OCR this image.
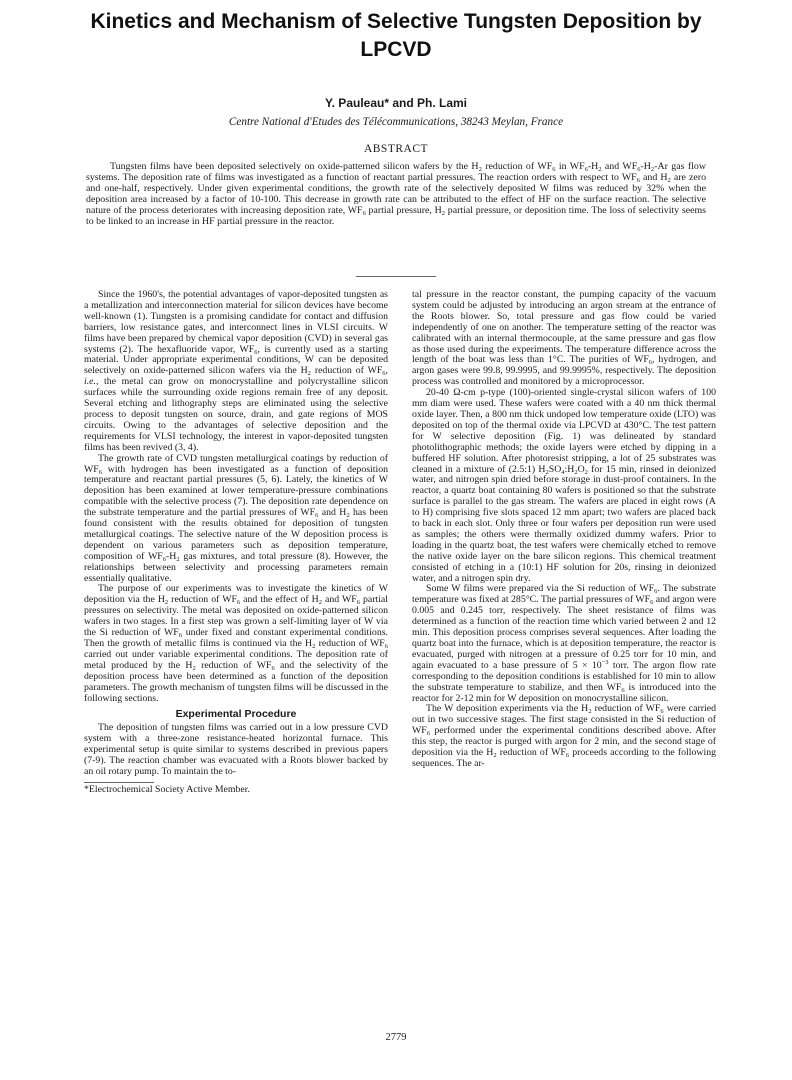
Kinetics and Mechanism of Selective Tungsten Deposition by LPCVD
Y. Pauleau* and Ph. Lami
Centre National d'Etudes des Télécommunications, 38243 Meylan, France
ABSTRACT

Tungsten films have been deposited selectively on oxide-patterned silicon wafers by the $H_2$ reduction of $WF_6$ in $WF_6-H_2$ and $WF_6-H_2-Ar$ gas flow systems. The deposition rate of films was investigated as a function of reactant partial pressures. The reaction orders with respect to $WF_6$ and $H_2$ are zero and one-half, respectively. Under given experimental conditions, the growth rate of the selectively deposited W films was reduced by 32% when the deposition area increased by a factor of 10-100. This decrease in growth rate can be attributed to the effect of HF on the surface reaction. The selective nature of the process deteriorates with increasing deposition rate, $WF_6$ partial pressure, $H_2$ partial pressure, or deposition time. The loss of selectivity seems to be linked to an increase in HF partial pressure in the reactor.

Since the 1960's, the potential advantages of vapor-deposited tungsten as a metallization and interconnection material for silicon devices have become well-known (1). Tungsten is a promising candidate for contact and diffusion barriers, low resistance gates, and interconnect lines in VLSI circuits. W films have been prepared by chemical vapor deposition (CVD) in several gas systems (2). The hexafluoride vapor, $WF_6$, is currently used as a starting material. Under appropriate experimental conditions, W can be deposited selectively on oxide-patterned silicon wafers via the $H_2$ reduction of $WF_6$, i.e., the metal can grow on monocrystalline and polycrystalline silicon surfaces while the surrounding oxide regions remain free of any deposit. Several etching and lithography steps are eliminated using the selective process to deposit tungsten on source, drain, and gate regions of MOS circuits. Owing to the advantages of selective deposition and the requirements for VLSI technology, the interest in vapor-deposited tungsten films has been revived (3, 4).

The growth rate of CVD tungsten metallurgical coatings by reduction of $WF_6$ with hydrogen has been investigated as a function of deposition temperature and reactant partial pressures (5, 6). Lately, the kinetics of W deposition has been examined at lower temperature-pressure combinations compatible with the selective process (7). The deposition rate dependence on the substrate temperature and the partial pressures of $WF_6$ and $H_2$ has been found consistent with the results obtained for deposition of tungsten metallurgical coatings. The selective nature of the W deposition process is dependent on various parameters such as deposition temperature, composition of $WF_6-H_2$ gas mixtures, and total pressure (8). However, the relationships between selectivity and processing parameters remain essentially qualitative.

The purpose of our experiments was to investigate the kinetics of W deposition via the $H_2$ reduction of $WF_6$ and the effect of $H_2$ and $WF_6$ partial pressures on selectivity. The metal was deposited on oxide-patterned silicon wafers in two stages. In a first step was grown a self-limiting layer of W via the Si reduction of $WF_6$ under fixed and constant experimental conditions. Then the growth of metallic films is continued via the $H_2$ reduction of $WF_6$ carried out under variable experimental conditions. The deposition rate of metal produced by the $H_2$ reduction of $WF_6$ and the selectivity of the deposition process have been determined as a function of the deposition parameters. The growth mechanism of tungsten films will be discussed in the following sections.

Experimental Procedure

The deposition of tungsten films was carried out in a low pressure CVD system with a three-zone resistance-heated horizontal furnace. This experimental setup is quite similar to systems described in previous papers (7-9). The reaction chamber was evacuated with a Roots blower backed by an oil rotary pump. To maintain the to-

*Electrochemical Society Active Member.

tal pressure in the reactor constant, the pumping capacity of the vacuum system could be adjusted by introducing an argon stream at the entrance of the Roots blower. So, total pressure and gas flow could be varied independently of one on another. The temperature setting of the reactor was calibrated with an internal thermocouple, at the same pressure and gas flow as those used during the experiments. The temperature difference across the length of the boat was less than 1°C. The purities of $WF_6$, hydrogen, and argon gases were 99.8, 99.9995, and 99.9995%, respectively. The deposition process was controlled and monitored by a microprocessor.

20-40 Ω-cm p-type (100)-oriented single-crystal silicon wafers of 100 mm diam were used. These wafers were coated with a 40 nm thick thermal oxide layer. Then, a 800 nm thick undoped low temperature oxide (LTO) was deposited on top of the thermal oxide via LPCVD at 430°C. The test pattern for W selective deposition (Fig. 1) was delineated by standard photolithographic methods; the oxide layers were etched by dipping in a buffered HF solution. After photoresist stripping, a lot of 25 substrates was cleaned in a mixture of (2.5:1) $H_2SO_4:H_2O_2$ for 15 min, rinsed in deionized water, and nitrogen spin dried before storage in dust-proof containers. In the reactor, a quartz boat containing 80 wafers is positioned so that the substrate surface is parallel to the gas stream. The wafers are placed in eight rows (A to H) comprising five slots spaced 12 mm apart; two wafers are placed back to back in each slot. Only three or four wafers per deposition run were used as samples; the others were thermally oxidized dummy wafers. Prior to loading in the quartz boat, the test wafers were chemically etched to remove the native oxide layer on the bare silicon regions. This chemical treatment consisted of etching in a (10:1) HF solution for 20s, rinsing in deionized water, and a nitrogen spin dry.

Some W films were prepared via the Si reduction of $WF_6$. The substrate temperature was fixed at 285°C. The partial pressures of $WF_6$ and argon were 0.005 and 0.245 torr, respectively. The sheet resistance of films was determined as a function of the reaction time which varied between 2 and 12 min. This deposition process comprises several sequences. After loading the quartz boat into the furnace, which is at deposition temperature, the reactor is evacuated, purged with nitrogen at a pressure of 0.25 torr for 10 min, and again evacuated to a base pressure of $5 \times 10^{-3}$ torr. The argon flow rate corresponding to the deposition conditions is established for 10 min to allow the substrate temperature to stabilize, and then $WF_6$ is introduced into the reactor for 2-12 min for W deposition on monocrystalline silicon.

The W deposition experiments via the $H_2$ reduction of $WF_6$ were carried out in two successive stages. The first stage consisted in the Si reduction of $WF_6$ performed under the experimental conditions described above. After this step, the reactor is purged with argon for 2 min, and the second stage of deposition via the $H_2$ reduction of $WF_6$ proceeds according to the following sequences. The ar-

2779
